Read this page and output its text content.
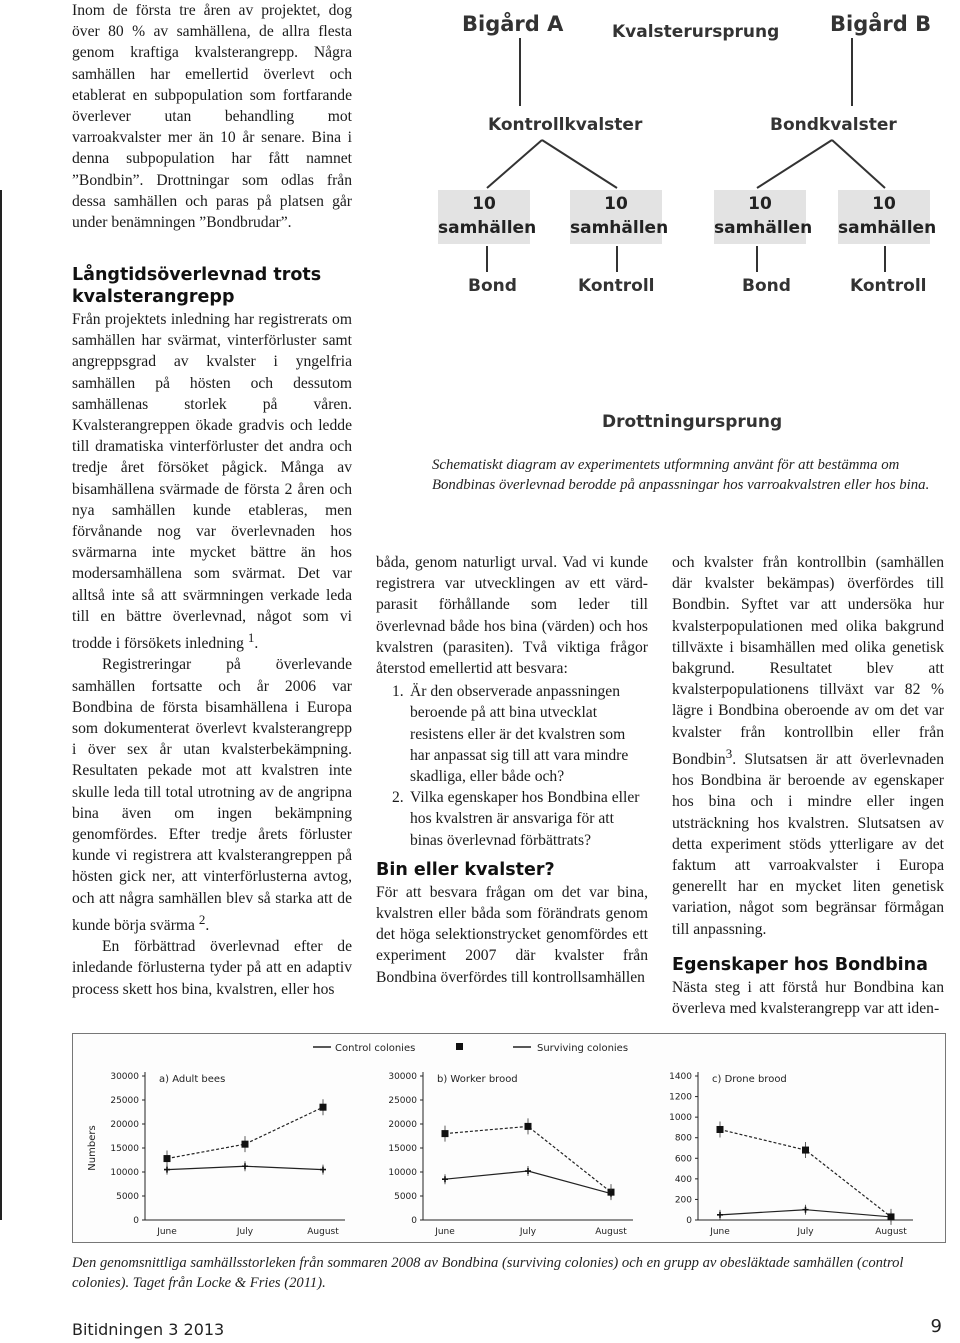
Inom de första tre åren av projektet, dog över 80 % av samhällena, de allra flesta genom kraftiga kvalsterangrepp. Några samhällen har emellertid överlevt och etablerat en subpopulation som fortfarande överlever utan behandling mot varroakvalster mer än 10 år senare. Bina i denna subpopulation har fått namnet ”Bondbin”. Drottningar som odlas från dessa samhällen och paras på platsen går under benämningen ”Bondbrudar”.

Långtidsöverlevnad trots kvalsterangrepp

Från projektets inledning har registrerats om samhällen har svärmat, vinterförluster samt angreppsgrad av kvalster i yngelfria samhällen på hösten och dessutom samhällenas storlek på våren. Kvalsterangreppen ökade gradvis och ledde till dramatiska vinterförluster det andra och tredje året försöket pågick. Många av bisamhällena svärmade de första 2 åren och nya samhällen kunde etableras, men förvånande nog var överlevnaden hos svärmarna inte mycket bättre än hos modersamhällena som svärmat. Det var alltså inte så att svärmningen verkade leda till en bättre överlevnad, något som vi trodde i försökets inledning $^1$.

Registreringar på överlevande samhällen fortsatte och år 2006 var Bondbina de första bisamhällena i Europa som dokumenterat överlevt kvalsterangrepp i över sex år utan kvalsterbekämpning. Resultaten pekade mot att kvalstren inte skulle leda till total utrotning av de angripna bina även om ingen bekämpning genomfördes. Efter tredje årets förluster kunde vi registrera att kvalsterangreppen på hösten gick ner, att vinterförlusterna avtog, och att några samhällen blev så starka att de kunde börja svärma $^2$.

En förbättrad överlevnad efter de inledande förlusterna tyder på att en adaptiv process skett hos bina, kvalstren, eller hos

Bigård A	Kvalsterursprung Bigård B
Kontrollkvalster	Bondkvalster
10
samhällen
10
samhällen
10
samhällen
10
samhällen
Bond	Kontroll	Bond	Kontroll
Drottningursprung
Schematiskt diagram av experimentets utformning använt för att bestämma om Bondbinas överlevnad berodde på anpassningar hos varroakvalstren eller hos bina.

båda, genom naturligt urval. Vad vi kunde registrera var utvecklingen av ett värd-parasit förhållande som leder till överlevnad både hos bina (värden) och hos kvalstren (parasiten). Två viktiga frågor återstod emellertid att besvara:

1. Är den observerade anpassningen beroende på att bina utvecklat resistens eller är det kvalstren som har anpassat sig till att vara mindre skadliga, eller både och?
2. Vilka egenskaper hos Bondbina eller hos kvalstren är ansvariga för att binas överlevnad förbättrats?
Bin eller kvalster?

För att besvara frågan om det var bina, kvalstren eller båda som förändrats genom det höga selektionstrycket genomfördes ett experiment 2007 där kvalster från Bondbina överfördes till kontrollsamhällen

och kvalster från kontrollbin (samhällen där kvalster bekämpas) överfördes till Bondbin. Syftet var att undersöka hur kvalsterpopulationen med olika bakgrund tillväxte i bisamhällen med olika genetisk bakgrund. Resultatet blev att kvalsterpopulationens tillväxt var 82 % lägre i Bondbina oberoende av om det var kvalster från kontrollbin eller från Bondbin$^3$. Slutsatsen är att överlevnaden hos Bondbina är beroende av egenskaper hos bina och i mindre eller ingen utsträckning hos kvalstren. Slutsatsen av detta experiment stöds ytterligare av det faktum att varroakvalster i Europa generellt har en mycket liten genetisk variation, något som begränsar förmågan till anpassning.

Egenskaper hos Bondbina

Nästa steg i att förstå hur Bondbina kan överleva med kvalsterangrepp var att iden-

Control colonies	Surviving colonies
30000
25000
20000
15000
10000
5000
0
June	July	August
a) Adult bees
Numbers
30000
25000
20000
15000
10000
5000
0
June	July	August
b) Worker brood	1400
1200
1000
800
600
400
200
0
June	July	August
c) Drone brood
Den genomsnittliga samhällsstorleken från sommaren 2008 av Bondbina (surviving colonies) och en grupp av obesläktade samhällen (control colonies). Taget från Locke & Fries (2011).
Bitidningen 3 2013	9
